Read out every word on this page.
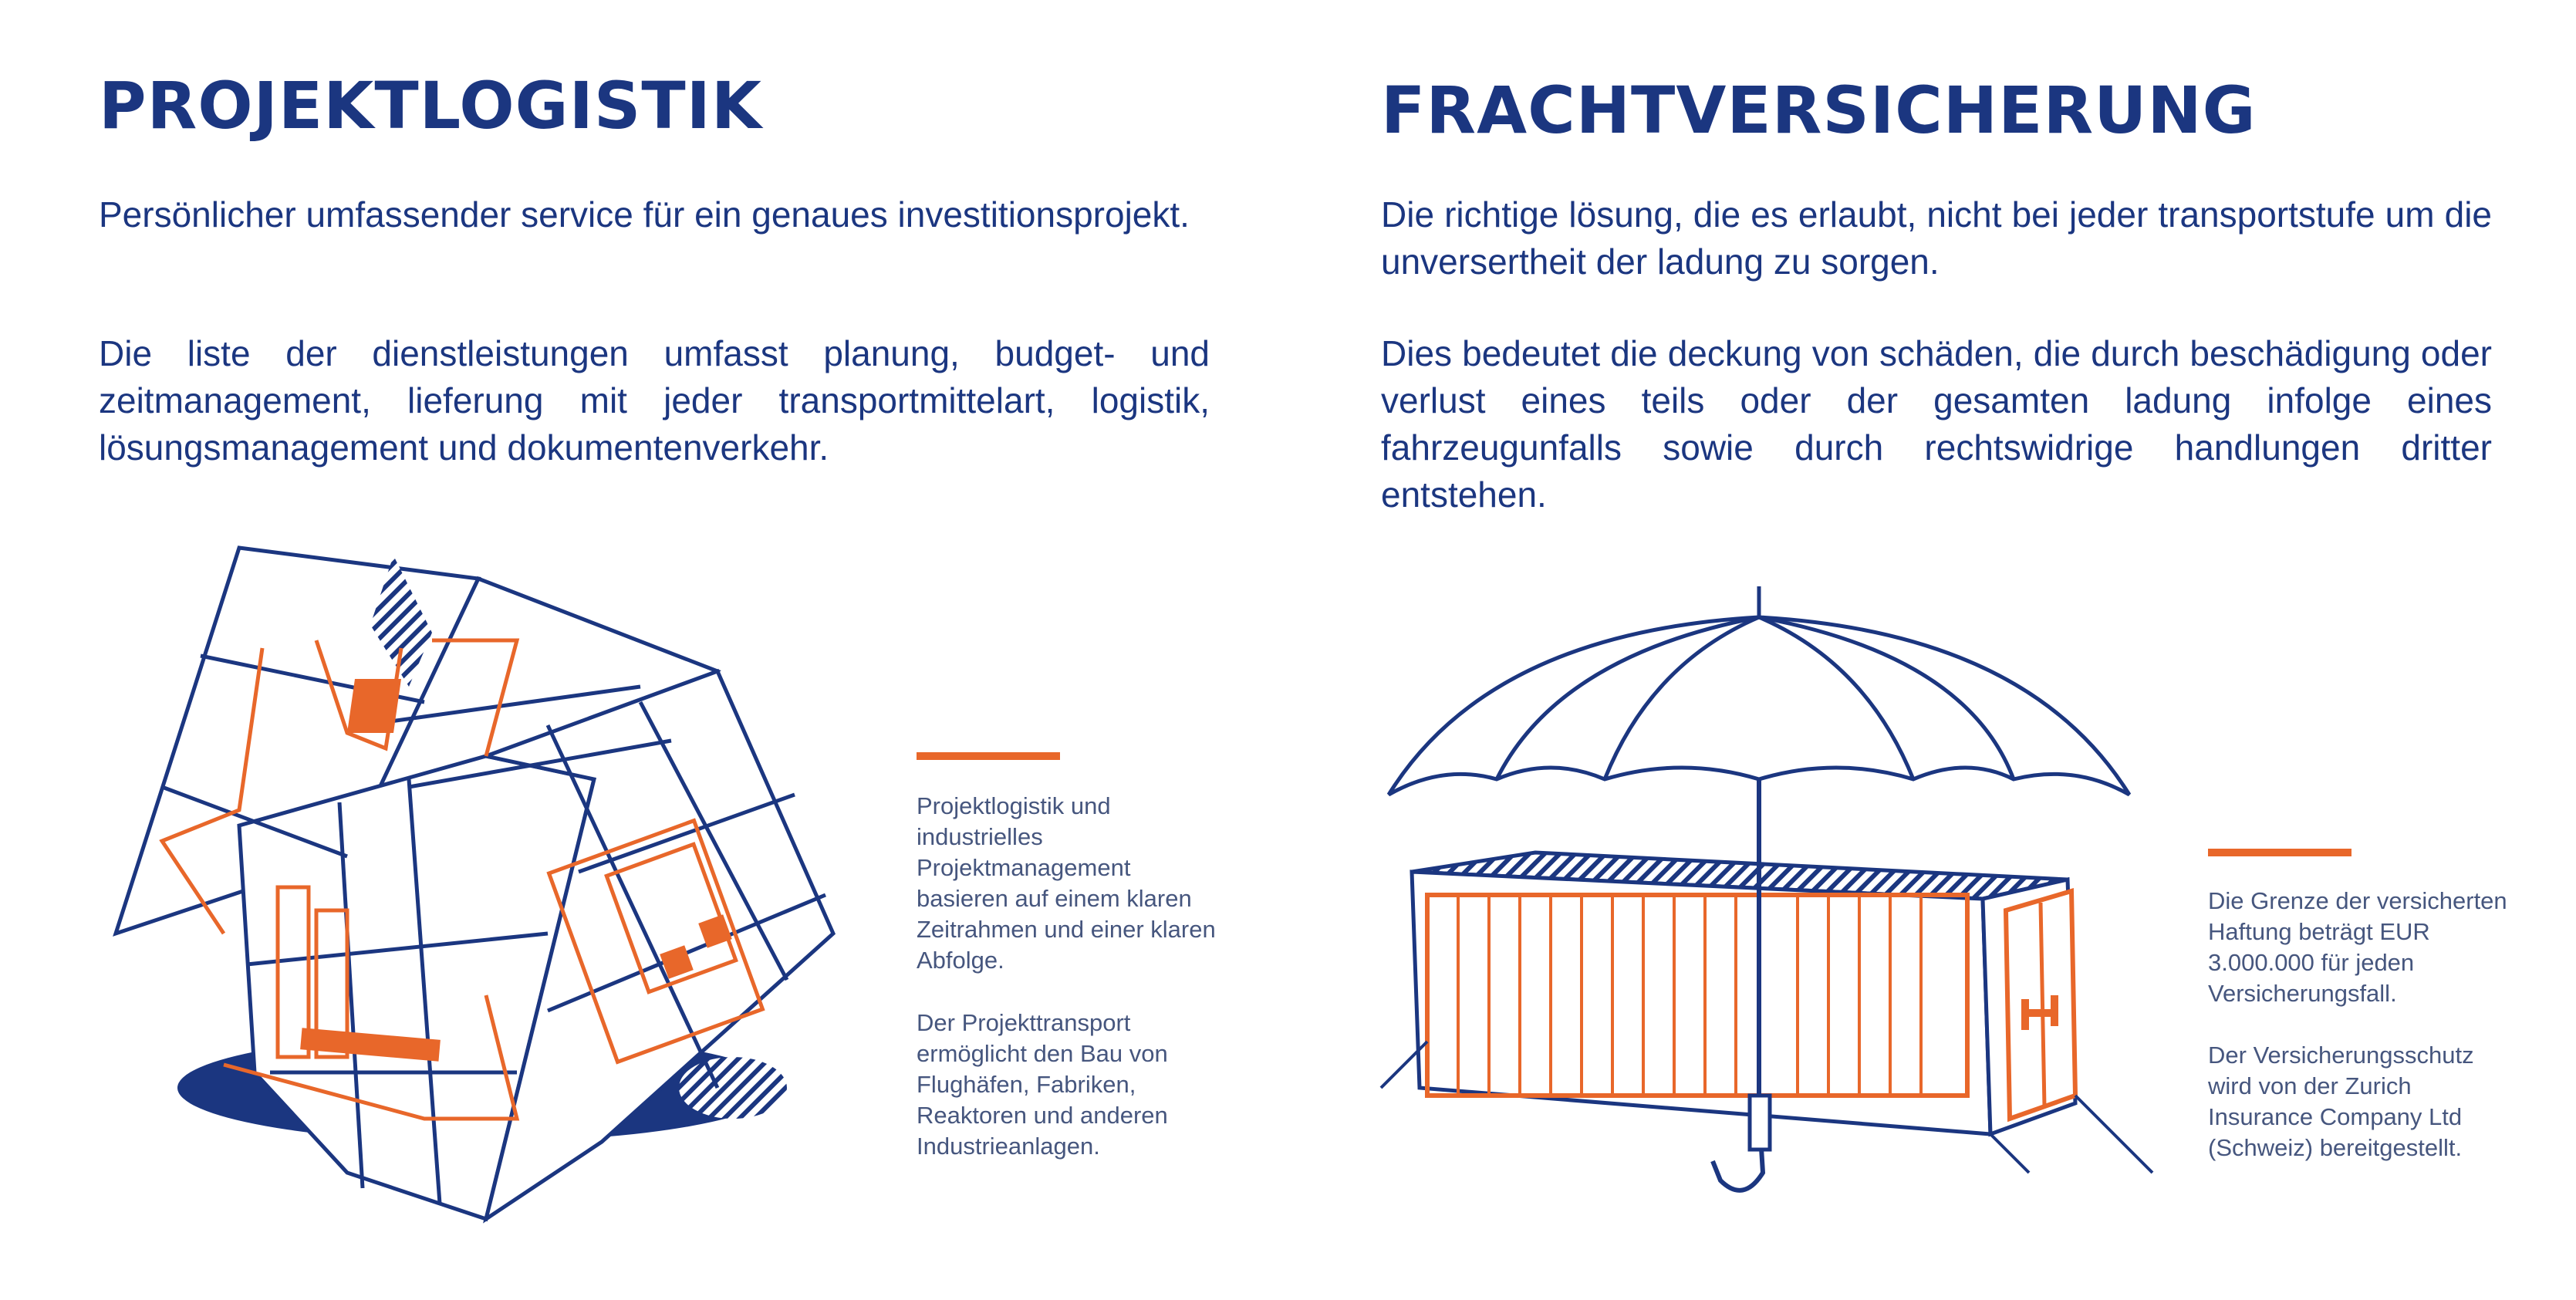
PROJEKTLOGISTIK

Persönlicher umfassender service für ein genaues investitionsprojekt.

Die liste der dienstleistungen umfasst planung, budget- und zeitmanagement, lieferung mit jeder transportmittelart, logistik, lösungsmanagement und dokumentenverkehr.

Projektlogistik und industrielles Projektmanagement basieren auf einem klaren Zeitrahmen und einer klaren Abfolge.

Der Projekttransport ermöglicht den Bau von Flughäfen, Fabriken, Reaktoren und anderen Industrieanlagen.

FRACHTVERSICHERUNG

Die richtige lösung, die es erlaubt, nicht bei jeder transportstufe um die unversertheit der ladung zu sorgen.

Dies bedeutet die deckung von schäden, die durch beschädigung oder verlust eines teils oder der gesamten ladung infolge eines fahrzeugunfalls sowie durch rechtswidrige handlungen dritter entstehen.

Die Grenze der versicherten Haftung beträgt EUR 3.000.000 für jeden Versicherungsfall.

Der Versicherungsschutz wird von der Zurich Insurance Company Ltd (Schweiz) bereitgestellt.
